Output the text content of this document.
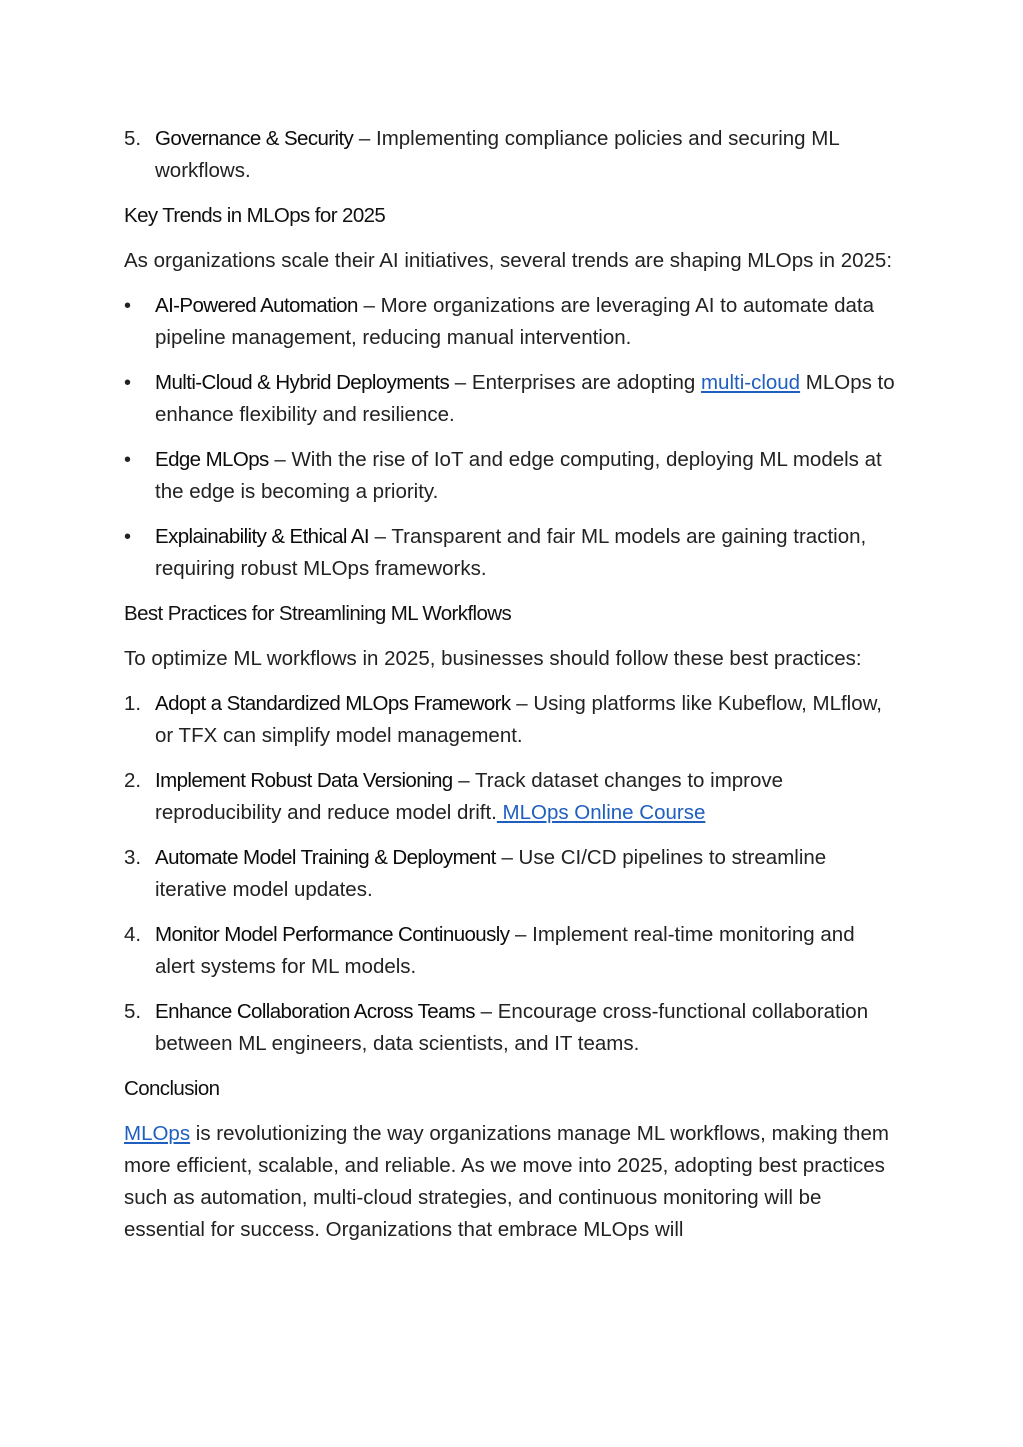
5. Governance & Security – Implementing compliance policies and securing ML workflows.
Key Trends in MLOps for 2025

As organizations scale their AI initiatives, several trends are shaping MLOps in 2025:

•	AI-Powered Automation – More organizations are leveraging AI to automate data pipeline management, reducing manual intervention.
•	Multi-Cloud & Hybrid Deployments – Enterprises are adopting multi-cloud MLOps to enhance flexibility and resilience.
•	Edge MLOps – With the rise of IoT and edge computing, deploying ML models at the edge is becoming a priority.
•	Explainability & Ethical AI – Transparent and fair ML models are gaining traction, requiring robust MLOps frameworks.
Best Practices for Streamlining ML Workflows

To optimize ML workflows in 2025, businesses should follow these best practices:

1. Adopt a Standardized MLOps Framework – Using platforms like Kubeflow, MLflow, or TFX can simplify model management.
2. Implement Robust Data Versioning – Track dataset changes to improve reproducibility and reduce model drift. MLOps Online Course
3. Automate Model Training & Deployment – Use CI/CD pipelines to streamline iterative model updates.
4. Monitor Model Performance Continuously – Implement real-time monitoring and alert systems for ML models.
5. Enhance Collaboration Across Teams – Encourage cross-functional collaboration between ML engineers, data scientists, and IT teams.
Conclusion

MLOps is revolutionizing the way organizations manage ML workflows, making them more efficient, scalable, and reliable. As we move into 2025, adopting best practices such as automation, multi-cloud strategies, and continuous monitoring will be essential for success. Organizations that embrace MLOps will
